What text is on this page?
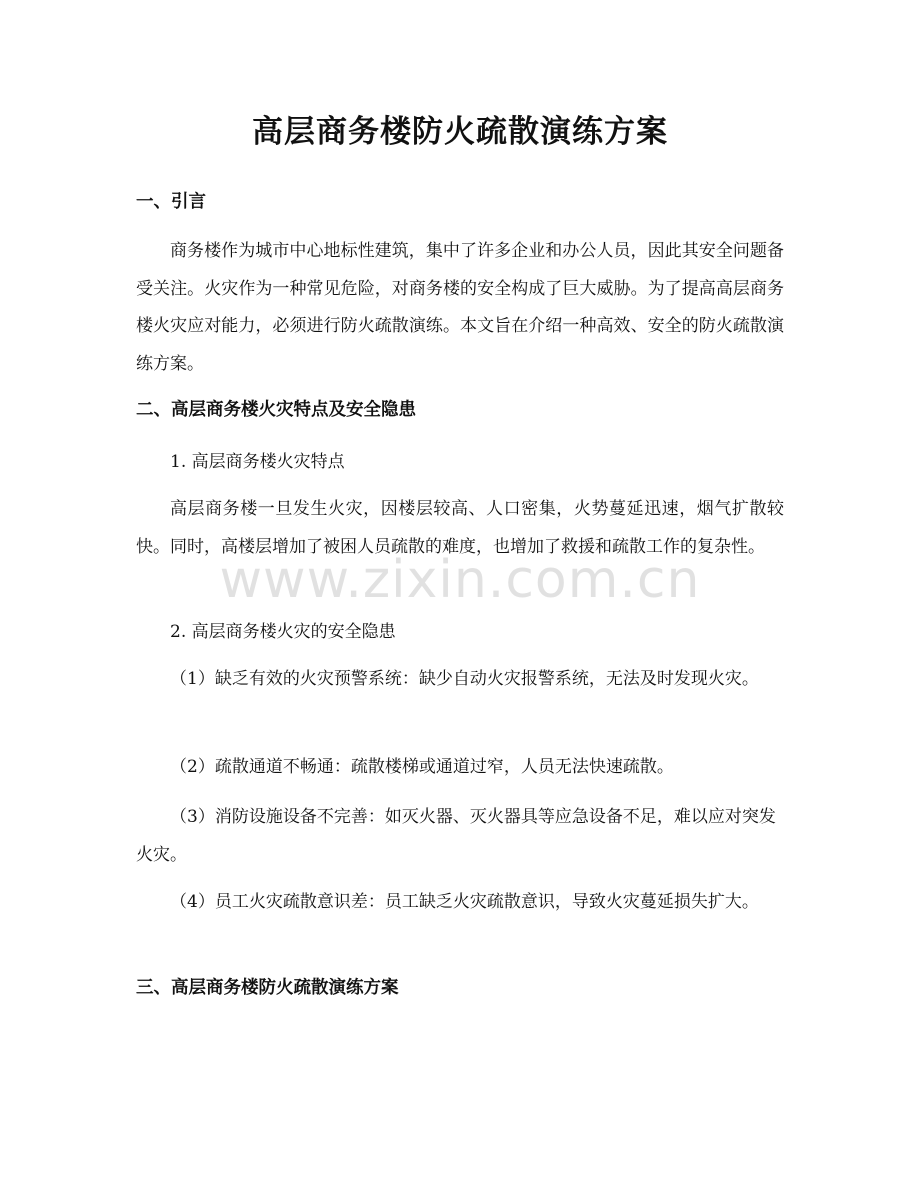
高层商务楼防火疏散演练方案
一、引言
商务楼作为城市中心地标性建筑，集中了许多企业和办公人员，因此其安全问题备受关注。火灾作为一种常见危险，对商务楼的安全构成了巨大威胁。为了提高高层商务楼火灾应对能力，必须进行防火疏散演练。本文旨在介绍一种高效、安全的防火疏散演练方案。
二、高层商务楼火灾特点及安全隐患
1. 高层商务楼火灾特点
高层商务楼一旦发生火灾，因楼层较高、人口密集，火势蔓延迅速，烟气扩散较快。同时，高楼层增加了被困人员疏散的难度，也增加了救援和疏散工作的复杂性。
2. 高层商务楼火灾的安全隐患
（1）缺乏有效的火灾预警系统：缺少自动火灾报警系统，无法及时发现火灾。
（2）疏散通道不畅通：疏散楼梯或通道过窄，人员无法快速疏散。
（3）消防设施设备不完善：如灭火器、灭火器具等应急设备不足，难以应对突发火灾。
（4）员工火灾疏散意识差：员工缺乏火灾疏散意识，导致火灾蔓延损失扩大。
三、高层商务楼防火疏散演练方案
www.zixin.com.cn
